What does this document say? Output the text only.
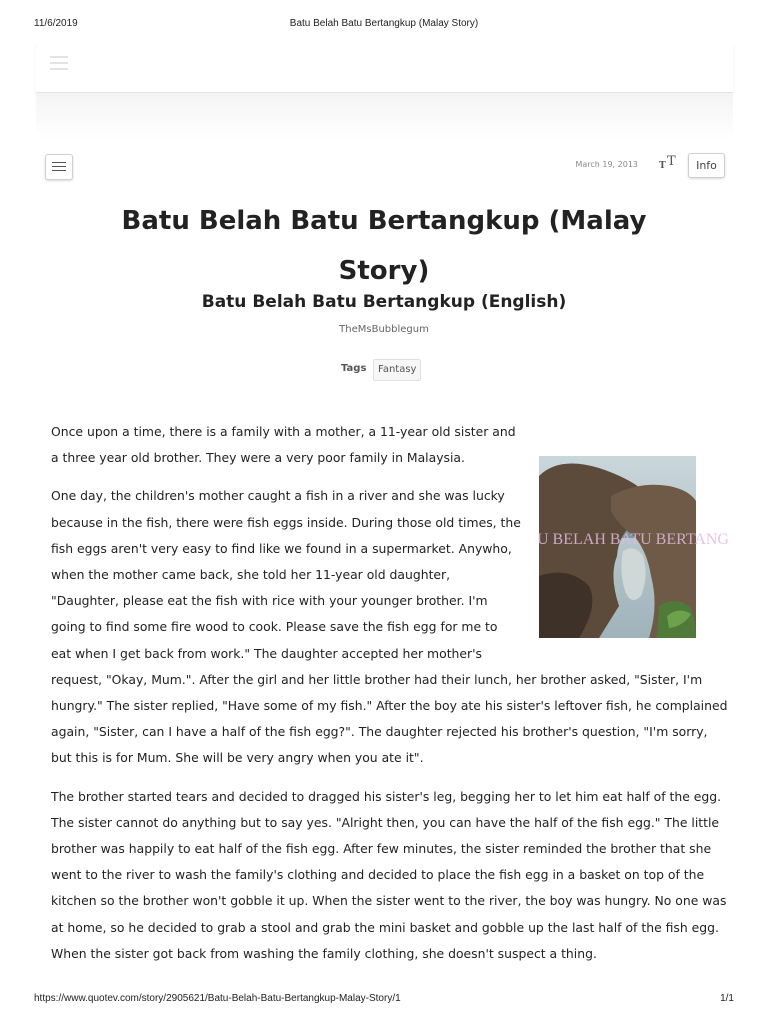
11/6/2019	Batu Belah Batu Bertangkup (Malay Story)
March 19, 2013 T T	Info
Batu Belah Batu Bertangkup (Malay Story)
Batu Belah Batu Bertangkup (English)
TheMsBubblegum
Tags	Fantasy

Once upon a time, there is a family with a mother, a 11-year old sister and a three year old brother. They were a very poor family in Malaysia.

One day, the children's mother caught a fish in a river and she was lucky because in the fish, there were fish eggs inside. During those old times, the fish eggs aren't very easy to find like we found in a supermarket. Anywho, when the mother came back, she told her 11-year old daughter, "Daughter, please eat the fish with rice with your younger brother. I'm going to find some fire wood to cook. Please save the fish egg for me to eat when I get back from work." The daughter accepted her mother's request, "Okay, Mum.". After the girl and her little brother had their lunch, her brother asked, "Sister, I'm hungry." The sister replied, "Have some of my fish." After the boy ate his sister's leftover fish, he complained again, "Sister, can I have a half of the fish egg?". The daughter rejected his brother's question, "I'm sorry, but this is for Mum. She will be very angry when you ate it".

The brother started tears and decided to dragged his sister's leg, begging her to let him eat half of the egg. The sister cannot do anything but to say yes. "Alright then, you can have the half of the fish egg." The little brother was happily to eat half of the fish egg. After few minutes, the sister reminded the brother that she went to the river to wash the family's clothing and decided to place the fish egg in a basket on top of the kitchen so the brother won't gobble it up. When the sister went to the river, the boy was hungry. No one was at home, so he decided to grab a stool and grab the mini basket and gobble up the last half of the fish egg. When the sister got back from washing the family clothing, she doesn't suspect a thing.

U BELAH BATU BERTANG
https://www.quotev.com/story/2905621/Batu-Belah-Batu-Bertangkup-Malay-Story/1	1/1
